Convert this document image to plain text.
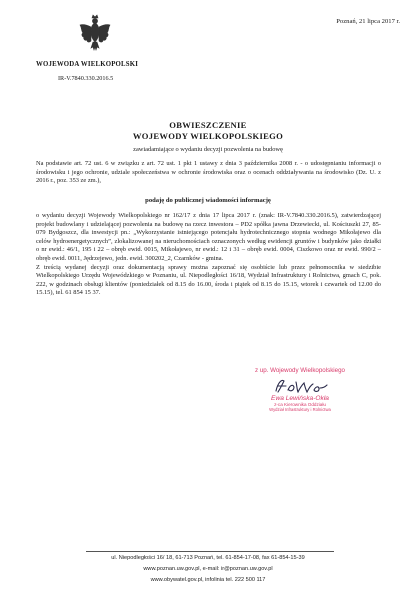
Poznań, 21 lipca 2017 r.
WOJEWODA WIELKOPOLSKI
IR-V.7840.330.2016.5
OBWIESZCZENIE
WOJEWODY WIELKOPOLSKIEGO
zawiadamiające o wydaniu decyzji pozwolenia na budowę
Na podstawie art. 72 ust. 6 w związku z art. 72 ust. 1 pkt 1 ustawy z dnia 3 października 2008 r. - o udostępnianiu informacji o środowisku i jego ochronie, udziale społeczeństwa w ochronie środowiska oraz o ocenach oddziaływania na środowisko (Dz. U. z 2016 r., poz. 353 ze zm.),
podaję do publicznej wiadomości informację
o wydaniu decyzji Wojewody Wielkopolskiego nr 162/17 z dnia 17 lipca 2017 r. (znak: IR-V.7840.330.2016.5), zatwierdzającej projekt budowlany i udzielającej pozwolenia na budowę na rzecz inwestora – PD2 spółka jawna Drzewiecki, ul. Kościuszki 27, 85-079 Bydgoszcz, dla inwestycji pn.: „Wykorzystanie istniejącego potencjału hydrotechnicznego stopnia wodnego Mikołajewo dla celów hydroenergetycznych”, zlokalizowanej na nieruchomościach oznaczonych według ewidencji gruntów i budynków jako działki o nr ewid.: 46/1, 195 i 22 – obręb ewid. 0015, Mikołajewo, nr ewid.: 12 i 31 – obręb ewid. 0004, Ciszkowo oraz nr ewid. 990/2 – obręb ewid. 0011, Jędrzejewo, jedn. ewid. 300202_2, Czarnków - gmina.
Z treścią wydanej decyzji oraz dokumentacją sprawy można zapoznać się osobiście lub przez pełnomocnika w siedzibie Wielkopolskiego Urzędu Wojewódzkiego w Poznaniu, ul. Niepodległości 16/18, Wydział Infrastruktury i Rolnictwa, gmach C, pok. 222, w godzinach obsługi klientów (poniedziałek od 8.15 do 16.00, środa i piątek od 8.15 do 15.15, wtorek i czwartek od 12.00 do 15.15), tel. 61 854 15 37.
z up. Wojewody Wielkopolskiego
Ewa Lewińska-Okła
z-ca Kierownika Oddziału
Wydział Infrastruktury i Rolnictwa
ul. Niepodległości 16/ 18, 61-713 Poznań, tel. 61-854-17-08, fax 61-854-15-39
www.poznan.uw.gov.pl, e-mail: ir@poznan.uw.gov.pl
www.obywatel.gov.pl, infolinia tel. 222 500 117
